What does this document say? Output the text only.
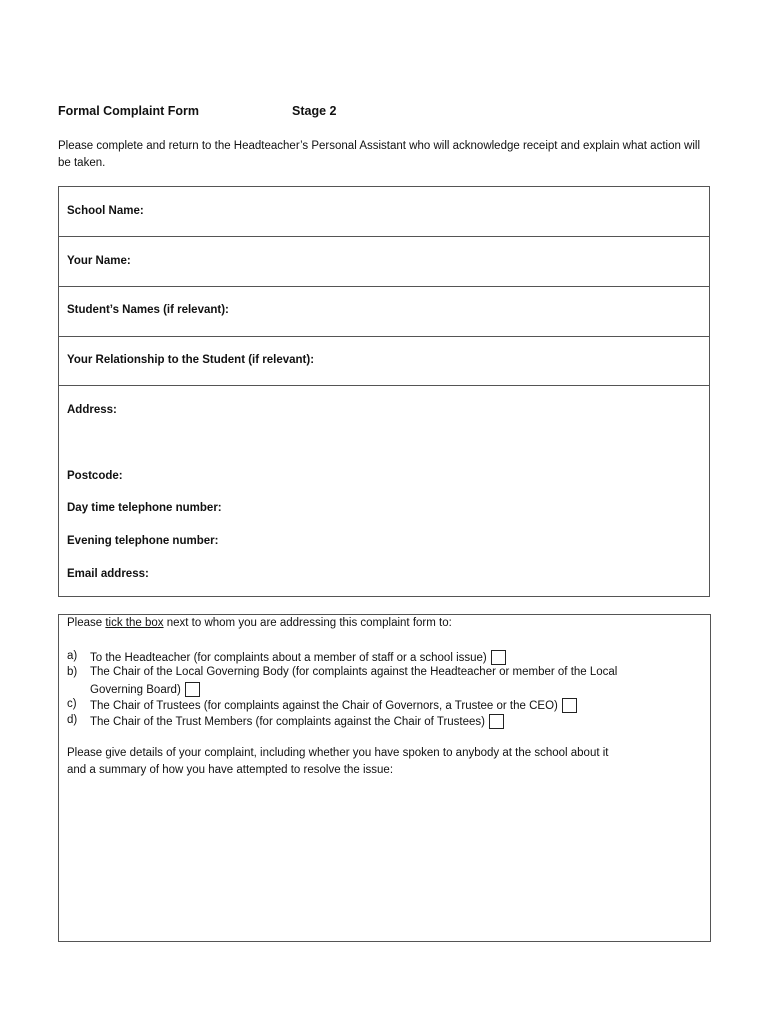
Formal Complaint Form	Stage 2
Please complete and return to the Headteacher’s Personal Assistant who will acknowledge receipt and explain what action will be taken.
School Name:
Your Name:
Student’s Names (if relevant):
Your Relationship to the Student (if relevant):
Address:
Postcode:
Day time telephone number:
Evening telephone number:
Email address:
Please tick the box next to whom you are addressing this complaint form to:
a) To the Headteacher (for complaints about a member of staff or a school issue)
b) The Chair of the Local Governing Body (for complaints against the Headteacher or member of the Local
Governing Board)
c) The Chair of Trustees (for complaints against the Chair of Governors, a Trustee or the CEO)
d) The Chair of the Trust Members (for complaints against the Chair of Trustees)
Please give details of your complaint, including whether you have spoken to anybody at the school about it
and a summary of how you have attempted to resolve the issue:
